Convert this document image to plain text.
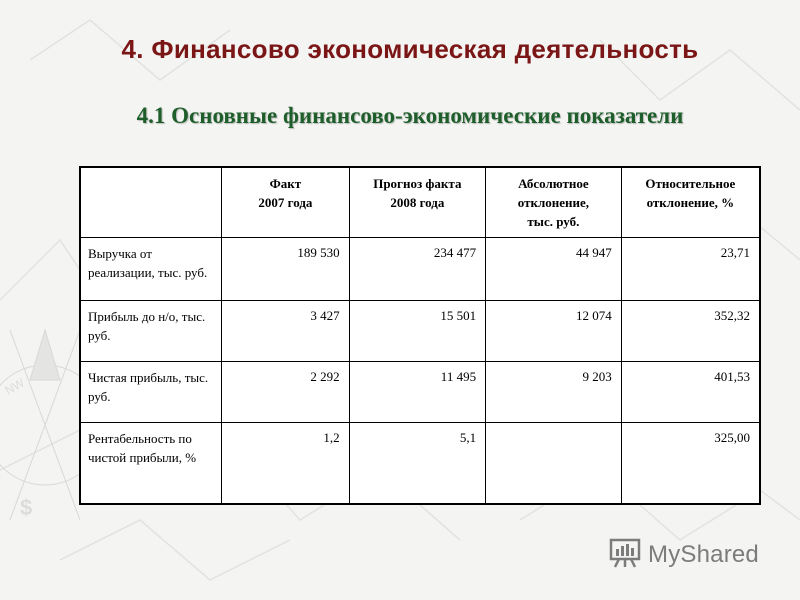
$
NW
4. Финансово экономическая деятельность
4.1 Основные финансово-экономические показатели

	Факт
2007 года	Прогноз факта
2008 года	Абсолютное
отклонение,
тыс. руб.	Относительное
отклонение, %

Выручка от реализации, тыс. руб.	189 530	234 477	44 947	23,71
Прибыль до н/о, тыс. руб.	3 427	15 501	12 074	352,32
Чистая прибыль, тыс. руб.	2 292	11 495	9 203	401,53
Рентабельность по чистой прибыли, %	1,2	5,1		325,00
MyShared
